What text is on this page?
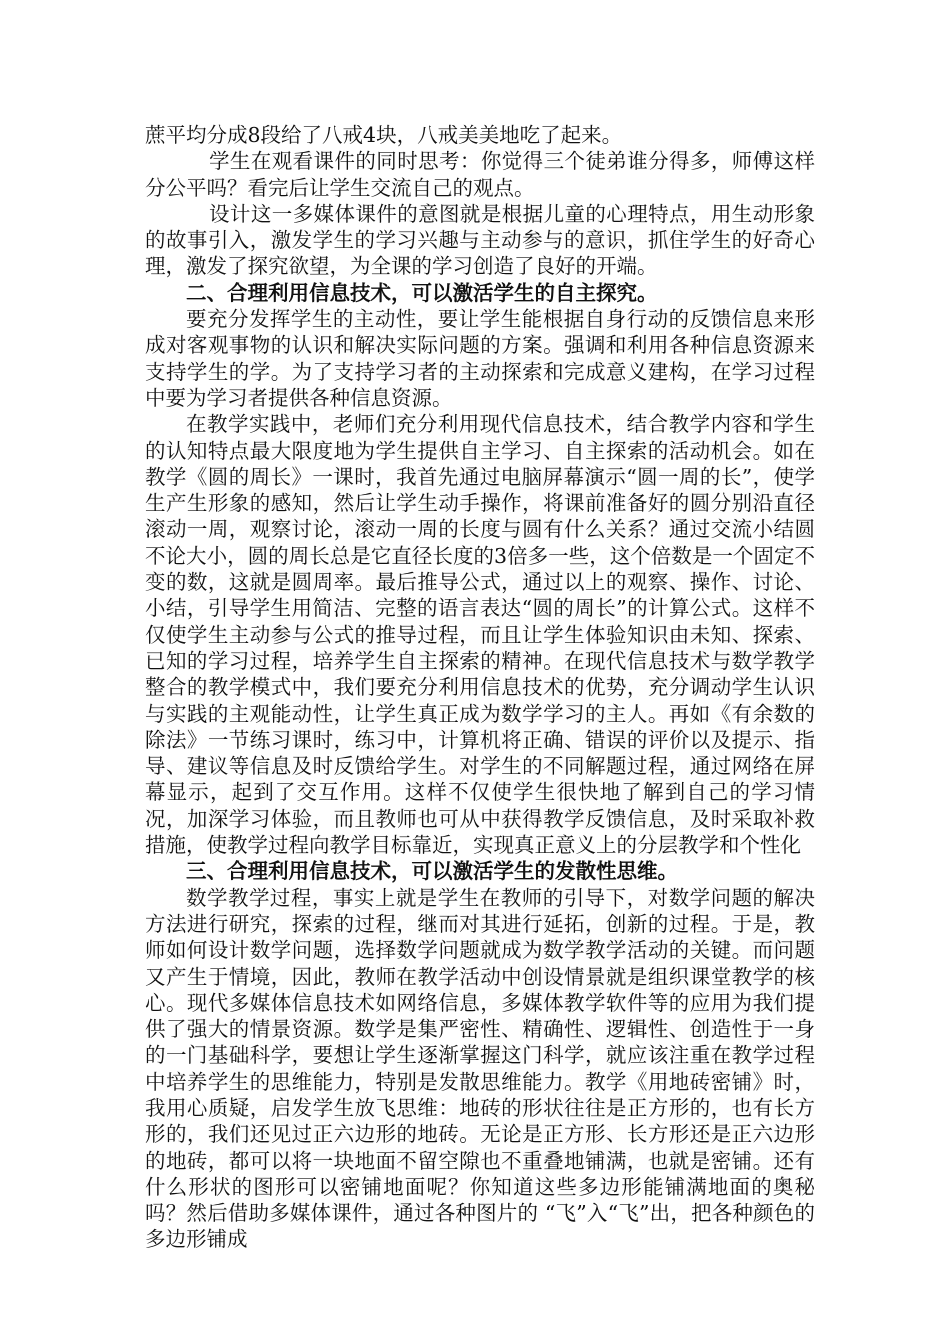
蔗平均分成8段给了八戒4块，八戒美美地吃了起来。

学生在观看课件的同时思考：你觉得三个徒弟谁分得多，师傅这样分公平吗？看完后让学生交流自己的观点。

设计这一多媒体课件的意图就是根据儿童的心理特点，用生动形象的故事引入，激发学生的学习兴趣与主动参与的意识，抓住学生的好奇心理，激发了探究欲望，为全课的学习创造了良好的开端。

二、合理利用信息技术，可以激活学生的自主探究。

要充分发挥学生的主动性，要让学生能根据自身行动的反馈信息来形成对客观事物的认识和解决实际问题的方案。强调和利用各种信息资源来支持学生的学。为了支持学习者的主动探索和完成意义建构，在学习过程中要为学习者提供各种信息资源。

在教学实践中，老师们充分利用现代信息技术，结合教学内容和学生的认知特点最大限度地为学生提供自主学习、自主探索的活动机会。如在教学《圆的周长》一课时，我首先通过电脑屏幕演示“圆一周的长”，使学生产生形象的感知，然后让学生动手操作，将课前准备好的圆分别沿直径滚动一周，观察讨论，滚动一周的长度与圆有什么关系？通过交流小结圆不论大小，圆的周长总是它直径长度的3倍多一些，这个倍数是一个固定不变的数，这就是圆周率。最后推导公式，通过以上的观察、操作、讨论、小结，引导学生用简洁、完整的语言表达“圆的周长”的计算公式。这样不仅使学生主动参与公式的推导过程，而且让学生体验知识由未知、探索、已知的学习过程，培养学生自主探索的精神。在现代信息技术与数学教学整合的教学模式中，我们要充分利用信息技术的优势，充分调动学生认识与实践的主观能动性，让学生真正成为数学学习的主人。再如《有余数的除法》一节练习课时，练习中，计算机将正确、错误的评价以及提示、指导、建议等信息及时反馈给学生。对学生的不同解题过程，通过网络在屏幕显示，起到了交互作用。这样不仅使学生很快地了解到自己的学习情况，加深学习体验，而且教师也可从中获得教学反馈信息，及时采取补救措施，使教学过程向教学目标靠近，实现真正意义上的分层教学和个性化

三、合理利用信息技术，可以激活学生的发散性思维。

数学教学过程，事实上就是学生在教师的引导下，对数学问题的解决方法进行研究，探索的过程，继而对其进行延拓，创新的过程。于是，教师如何设计数学问题，选择数学问题就成为数学教学活动的关键。而问题又产生于情境，因此，教师在教学活动中创设情景就是组织课堂教学的核心。现代多媒体信息技术如网络信息，多媒体教学软件等的应用为我们提供了强大的情景资源。数学是集严密性、精确性、逻辑性、创造性于一身的一门基础科学，要想让学生逐渐掌握这门科学，就应该注重在教学过程中培养学生的思维能力，特别是发散思维能力。教学《用地砖密铺》时，我用心质疑，启发学生放飞思维：地砖的形状往往是正方形的，也有长方形的，我们还见过正六边形的地砖。无论是正方形、长方形还是正六边形的地砖，都可以将一块地面不留空隙也不重叠地铺满，也就是密铺。还有什么形状的图形可以密铺地面呢？你知道这些多边形能铺满地面的奥秘吗？然后借助多媒体课件，通过各种图片的 “飞”入“飞”出，把各种颜色的多边形铺成
